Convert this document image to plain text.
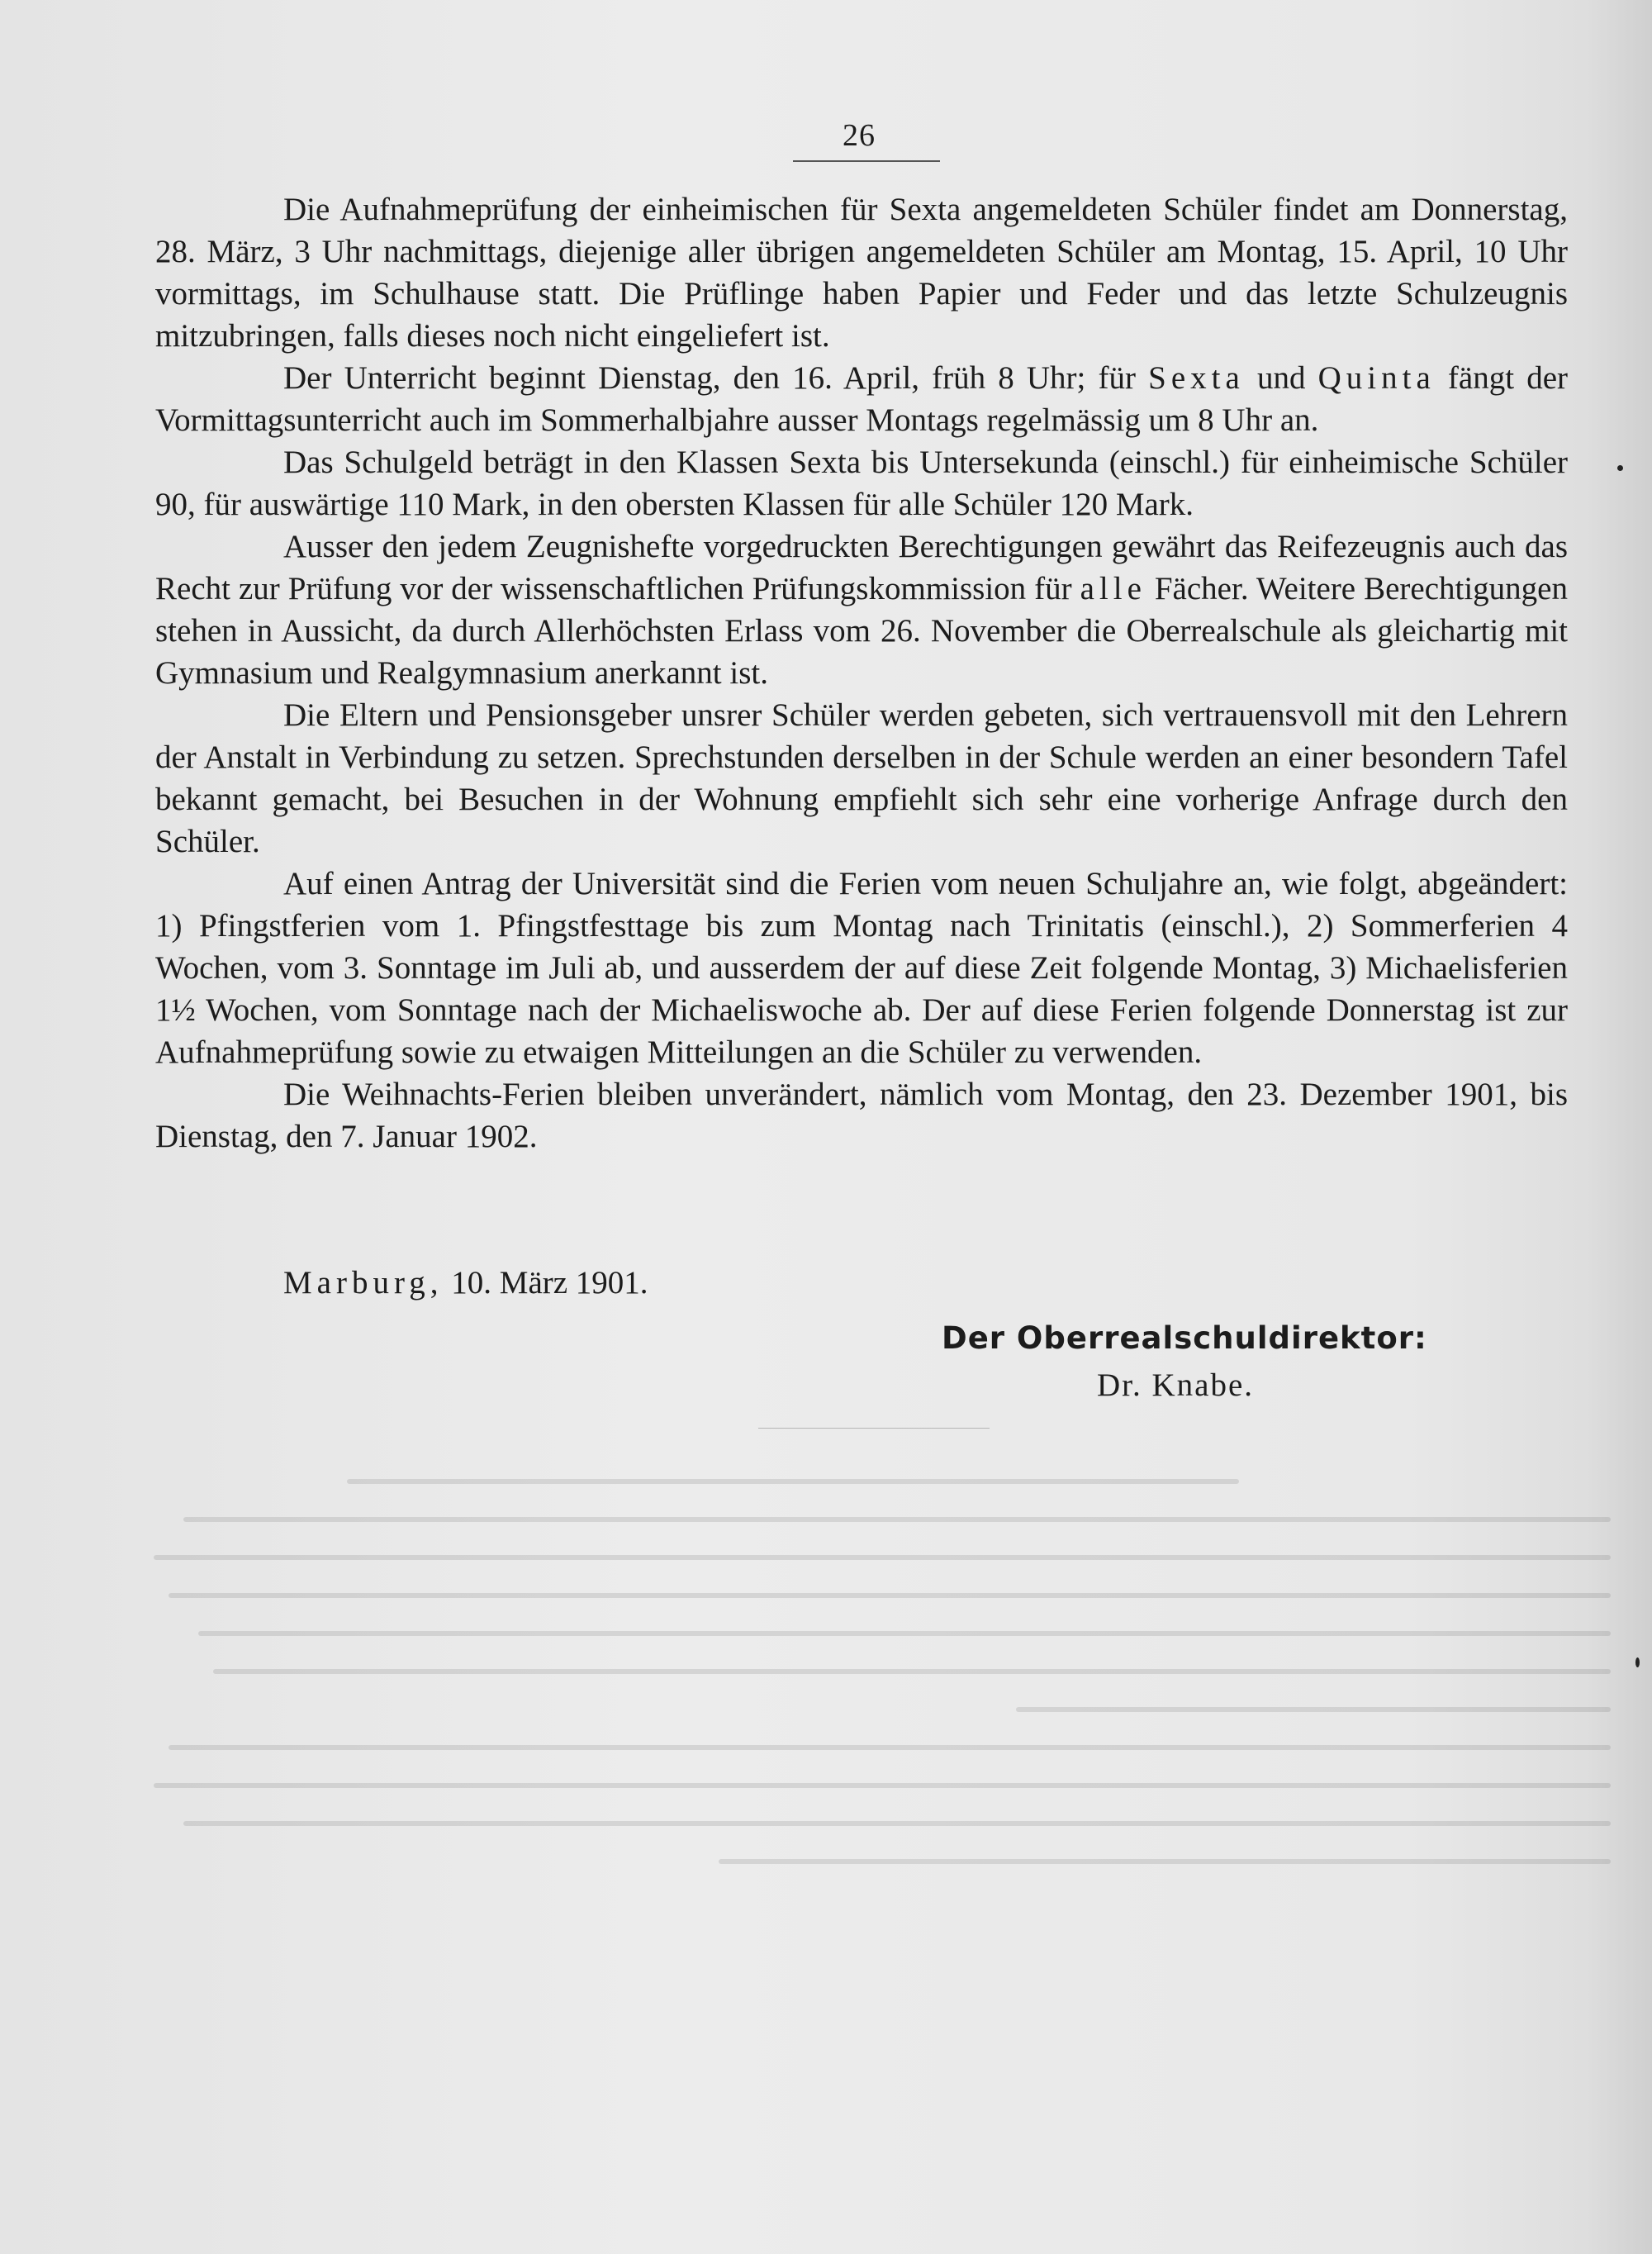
26

Die Aufnahmeprüfung der einheimischen für Sexta angemeldeten Schüler findet am Donnerstag, 28. März, 3 Uhr nachmittags, diejenige aller übrigen angemeldeten Schüler am Montag, 15. April, 10 Uhr vormittags, im Schulhause statt. Die Prüflinge haben Papier und Feder und das letzte Schulzeugnis mitzubringen, falls dieses noch nicht eingeliefert ist.

Der Unterricht beginnt Dienstag, den 16. April, früh 8 Uhr; für Sexta und Quinta fängt der Vormittagsunterricht auch im Sommerhalbjahre ausser Montags regelmässig um 8 Uhr an.

Das Schulgeld beträgt in den Klassen Sexta bis Untersekunda (einschl.) für einheimische Schüler 90, für auswärtige 110 Mark, in den obersten Klassen für alle Schüler 120 Mark.

Ausser den jedem Zeugnishefte vorgedruckten Berechtigungen gewährt das Reifezeugnis auch das Recht zur Prüfung vor der wissenschaftlichen Prüfungskommission für alle Fächer. Weitere Berechtigungen stehen in Aussicht, da durch Allerhöchsten Erlass vom 26. November die Oberrealschule als gleichartig mit Gymnasium und Realgymnasium anerkannt ist.

Die Eltern und Pensionsgeber unsrer Schüler werden gebeten, sich vertrauensvoll mit den Lehrern der Anstalt in Verbindung zu setzen. Sprechstunden derselben in der Schule werden an einer besondern Tafel bekannt gemacht, bei Besuchen in der Wohnung empfiehlt sich sehr eine vorherige Anfrage durch den Schüler.

Auf einen Antrag der Universität sind die Ferien vom neuen Schuljahre an, wie folgt, abgeändert: 1) Pfingstferien vom 1. Pfingstfesttage bis zum Montag nach Trinitatis (einschl.), 2) Sommerferien 4 Wochen, vom 3. Sonntage im Juli ab, und ausserdem der auf diese Zeit folgende Montag, 3) Michaelisferien 1½ Wochen, vom Sonntage nach der Michaeliswoche ab. Der auf diese Ferien folgende Donnerstag ist zur Aufnahmeprüfung sowie zu etwaigen Mitteilungen an die Schüler zu verwenden.

Die Weihnachts-Ferien bleiben unverändert, nämlich vom Montag, den 23. Dezember 1901, bis Dienstag, den 7. Januar 1902.

Marburg, 10. März 1901.
Der Oberrealschuldirektor:
Dr. Knabe.
